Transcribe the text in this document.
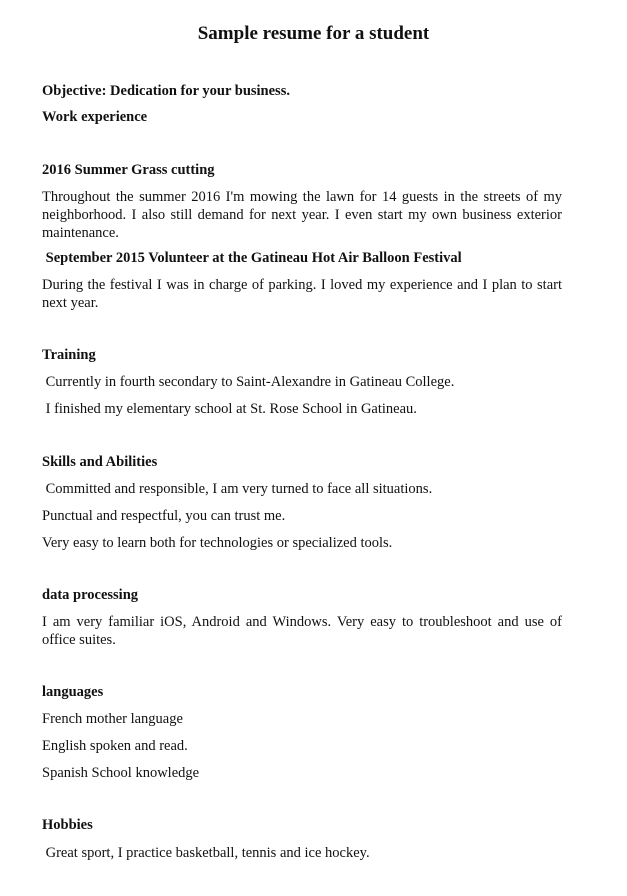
Sample resume for a student
Objective: Dedication for your business.
Work experience
2016 Summer Grass cutting
Throughout the summer 2016 I'm mowing the lawn for 14 guests in the streets of my neighborhood. I also still demand for next year. I even start my own business exterior maintenance.
September 2015 Volunteer at the Gatineau Hot Air Balloon Festival
During the festival I was in charge of parking. I loved my experience and I plan to start next year.
Training
Currently in fourth secondary to Saint-Alexandre in Gatineau College.
I finished my elementary school at St. Rose School in Gatineau.
Skills and Abilities
Committed and responsible, I am very turned to face all situations.
Punctual and respectful, you can trust me.
Very easy to learn both for technologies or specialized tools.
data processing
I am very familiar iOS, Android and Windows. Very easy to troubleshoot and use of office suites.
languages
French mother language
English spoken and read.
Spanish School knowledge
Hobbies
Great sport, I practice basketball, tennis and ice hockey.
